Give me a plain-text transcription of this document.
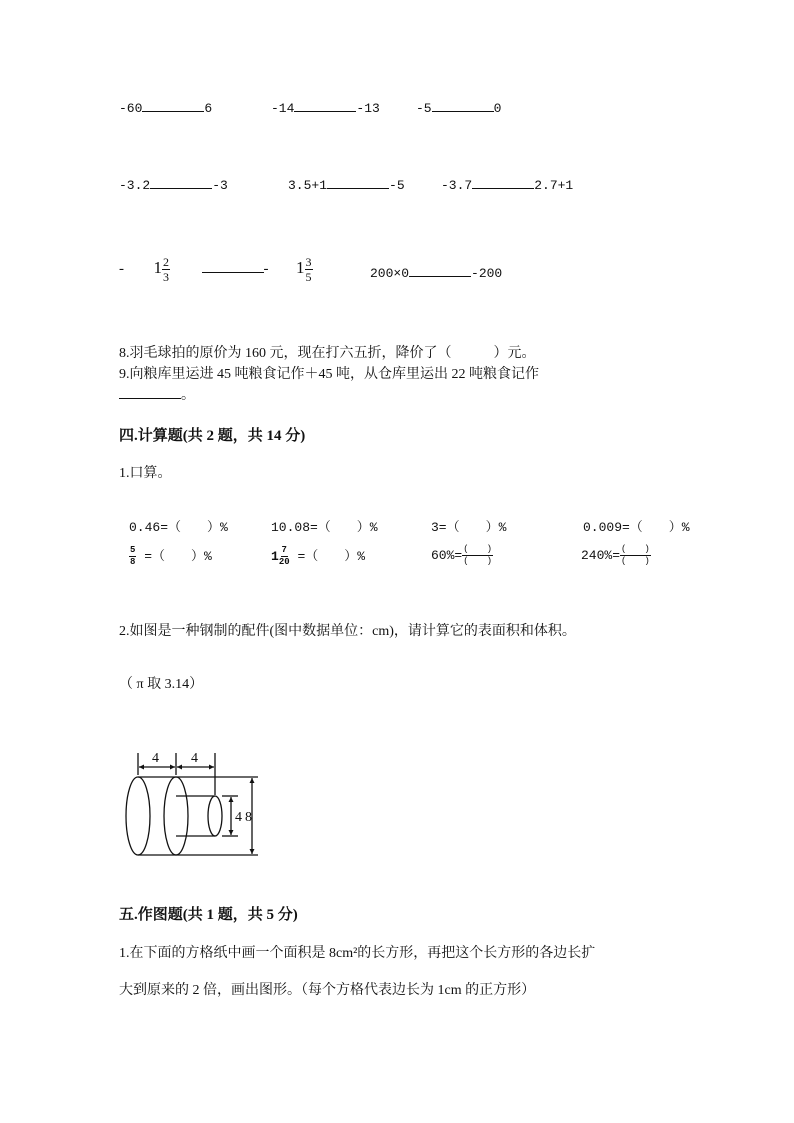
-60	6	-14	-13	-5	0
-3.2	-3	3.5+1	-5	-3.7	2.7+1
- $1 \frac{2}{3}$	- $1 \frac{3}{5}$	200×0	-200
8.羽毛球拍的原价为 160 元，现在打六五折，降价了（　　　）元。
9.向粮库里运进 45 吨粮食记作＋45 吨，从仓库里运出 22 吨粮食记作
。
四.计算题(共 2 题，共 14 分)
1.口算。
0.46=（　　）%	10.08=（　　）%	3=（　　）%	0.009=（　　）%
$\frac{5}{8}$ =（　　）%	$1 \frac{7}{20}$ =（　　）%	$60\%= \frac{( )}{( )}$	$240\%= \frac{( )}{( )}$
2.如图是一种钢制的配件(图中数据单位：cm)，请计算它的表面积和体积。
（ π 取 3.14）
4 4
4 8
五.作图题(共 1 题，共 5 分)
1.在下面的方格纸中画一个面积是 8cm²的长方形，再把这个长方形的各边长扩
大到原来的 2 倍，画出图形。（每个方格代表边长为 1cm 的正方形）
